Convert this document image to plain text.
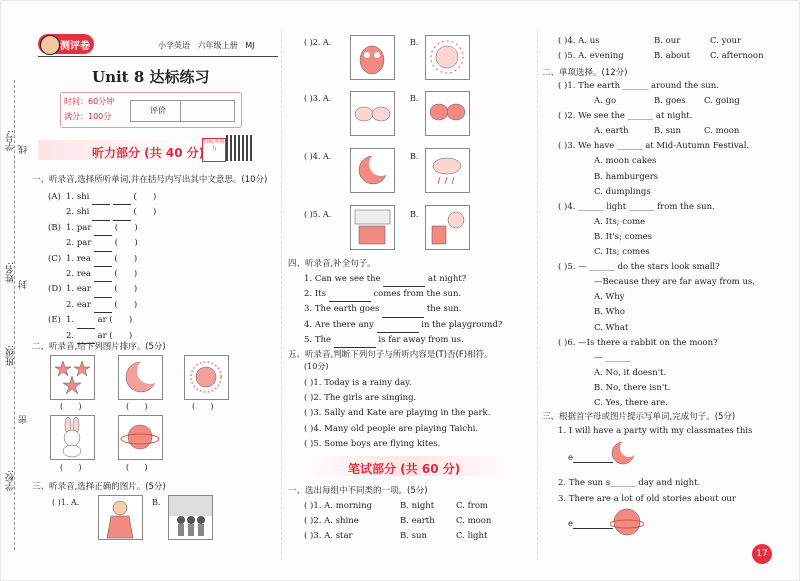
学校:
班级:
姓名:
学号: 线
封
密
测评卷	小学英语 六年级上册 MJ
Unit 8 达标练习
时间：60分钟
满分：100分
评价
听力部分 (共 40 分)
扫码 听听力
一、听录音,选择所听单词,并在括号内写出其中文意思。(10分)
(A) 1. shi	(      )
2. shi	(      )
(B) 1. par  (      )
2. par  (      )
(C) 1. rea  (      )
2. rea  (      )
(D) 1. ear  (      )
2. ear  (      )
(E) 1.	ar (      )
2.	ar (      )
二、听录音,给下列图片排序。(5分)
(      )	(      )	(      )
(      )	(      )
三、听录音,选择正确的图片。(5分)
( )1. A.	B.
( )2. A.	B.
( )3. A.	B.
( )4. A.	B.
( )5. A.	B.
四、听录音,补全句子。
1. Can we see the	at night?
2. Its	comes from the sun.
3. The earth goes	the sun.
4. Are there any	in the playground?
5. The	is far away from us.
五、听录音,判断下列句子与所听内容是(T)否(F)相符。
(10分)
( )1. Today is a rainy day.
( )2. The girls are singing.
( )3. Sally and Kate are playing in the park.
( )4. Many old people are playing Taichi.
( )5. Some boys are flying kites.
笔试部分 (共 60 分)
一、选出每组中不同类的一项。(5分)
( )1. A. morning	B. night	C. from
( )2. A. shine	B. earth	C. moon
( )3. A. star	B. sun	C. light
( )4. A. us	B. our	C. your
( )5. A. evening	B. about C. afternoon
二、单项选择。(12分)
( )1. The earth ______ around the sun.
A. go	B. goes C. going
( )2. We see the ______ at night.
A. earth	B. sun	C. moon
( )3. We have ______ at Mid-Autumn Festival.
A. moon cakes
B. hamburgers
C. dumplings
( )4. ______ light ______ from the sun.
A. Its; come
B. It's; comes
C. Its; comes
( )5. — ______ do the stars look small?
—Because they are far away from us.
A. Why
B. Who
C. What
( )6. —Is there a rabbit on the moon?
— ______
A. No, it doesn't.
B. No, there isn't.
C. Yes, there are.
三、根据首字母或图片提示写单词,完成句子。(5分)
1. I will have a party with my classmates this
e
2. The sun s______ day and night.
3. There are a lot of old stories about our
e
17
